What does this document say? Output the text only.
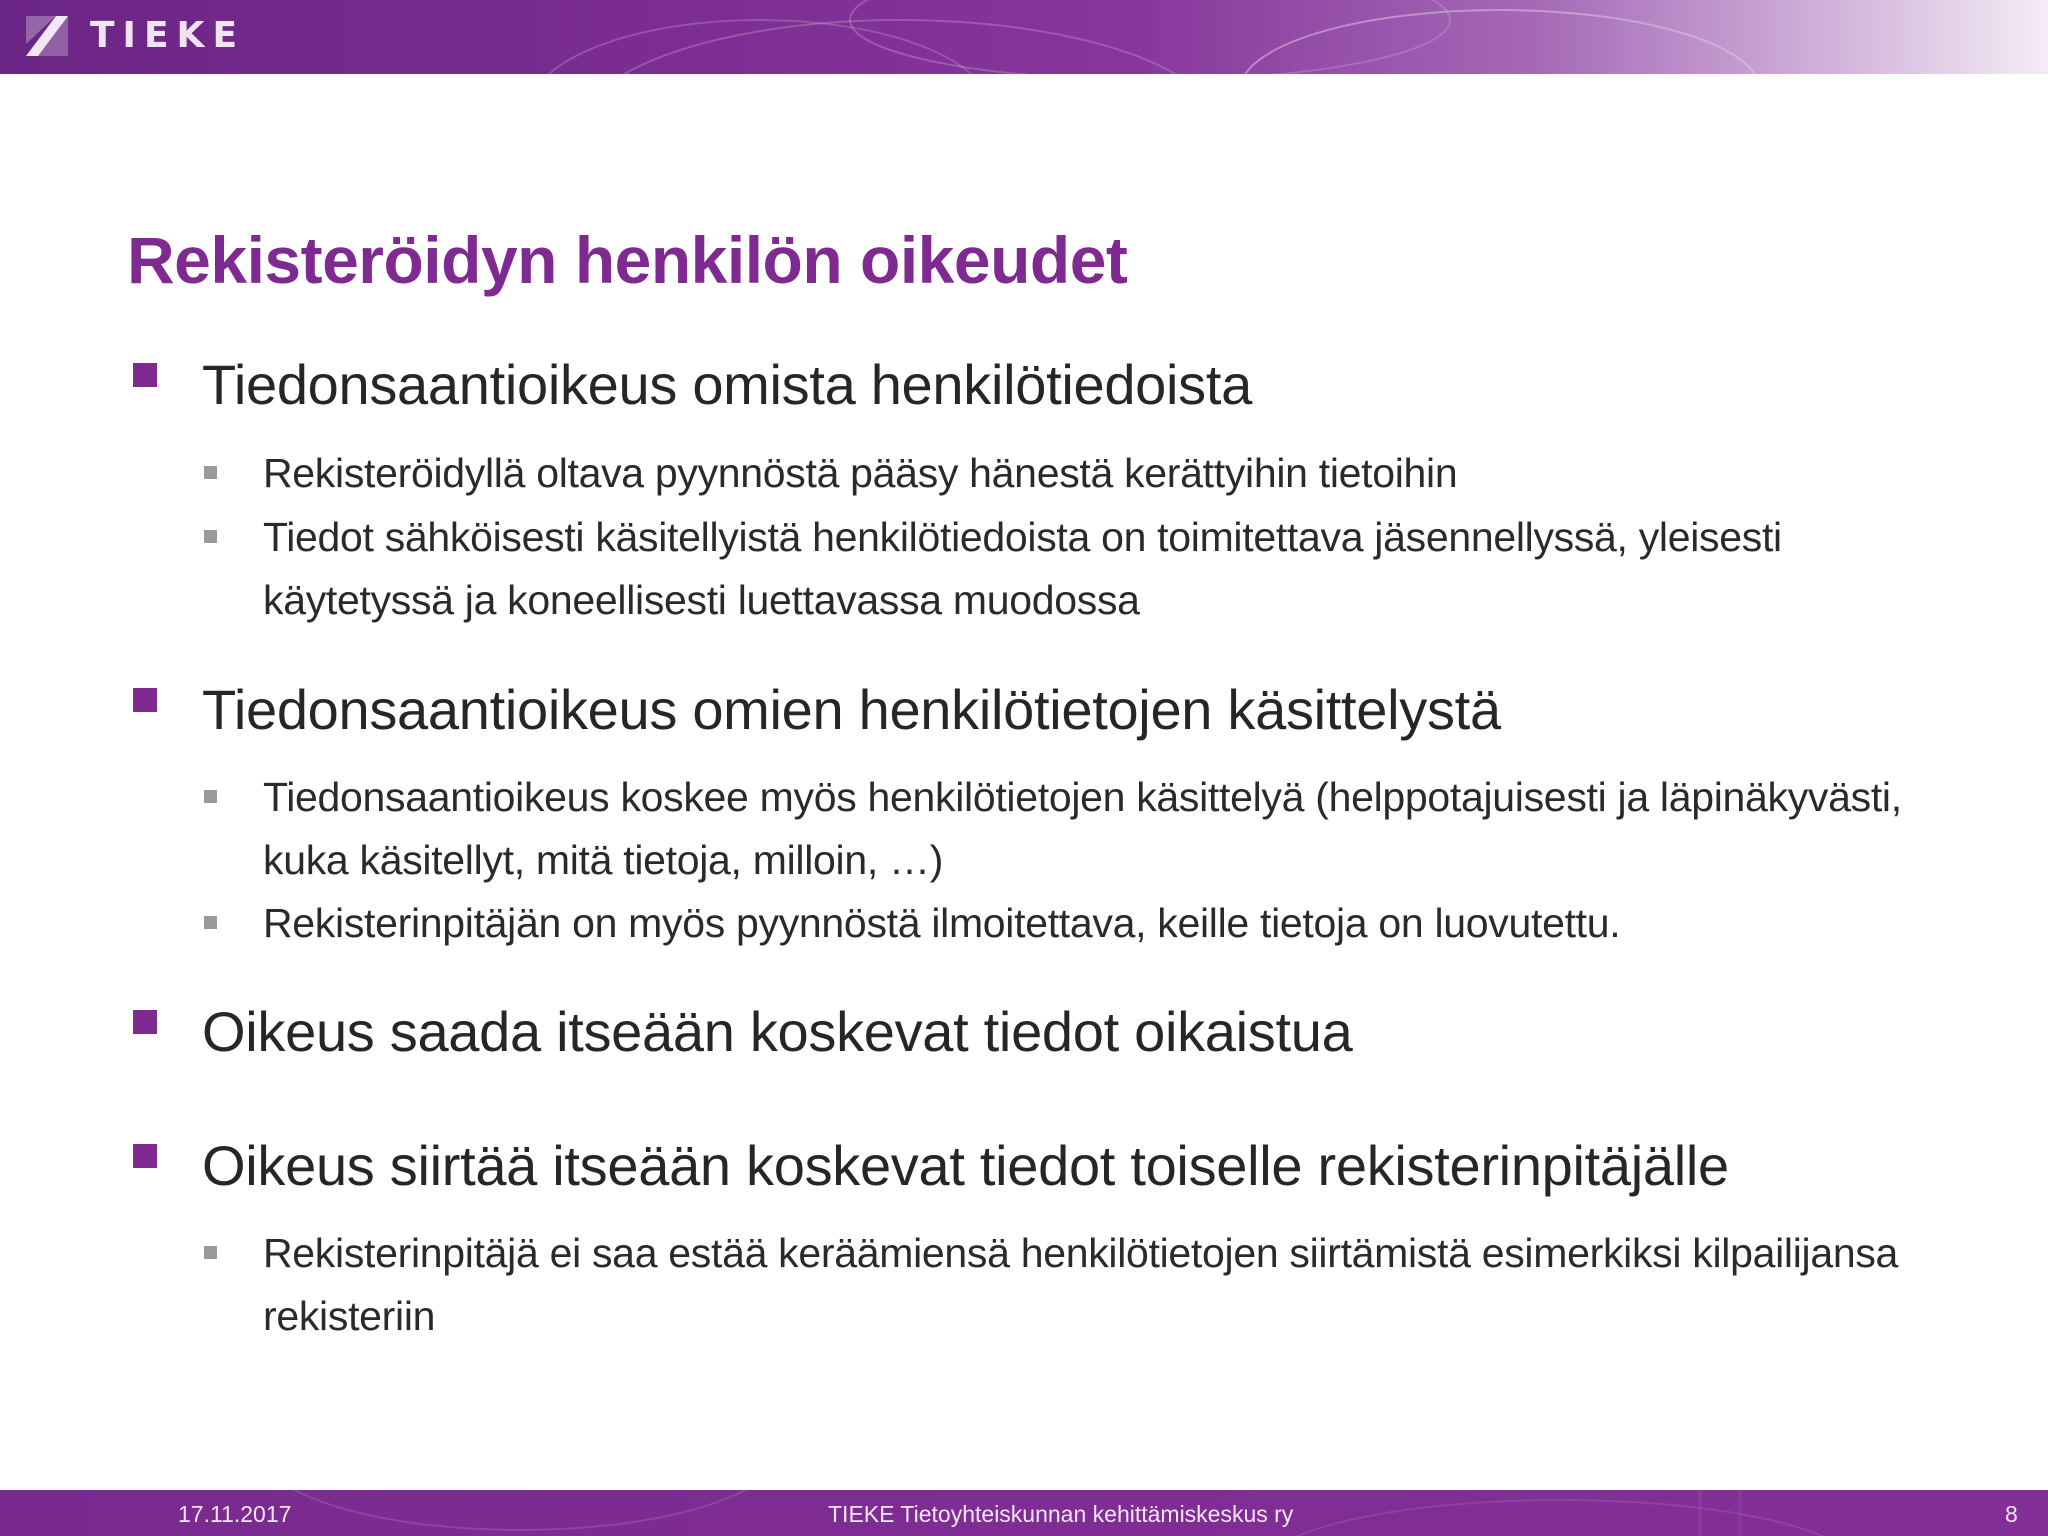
TIEKE
Rekisteröidyn henkilön oikeudet
Tiedonsaantioikeus omista henkilötiedoista
Rekisteröidyllä oltava pyynnöstä pääsy hänestä kerättyihin tietoihin
Tiedot sähköisesti käsitellyistä henkilötiedoista on toimitettava jäsennellyssä, yleisesti käytetyssä ja koneellisesti luettavassa muodossa
Tiedonsaantioikeus omien henkilötietojen käsittelystä
Tiedonsaantioikeus koskee myös henkilötietojen käsittelyä (helppotajuisesti ja läpinäkyvästi, kuka käsitellyt, mitä tietoja, milloin, …)
Rekisterinpitäjän on myös pyynnöstä ilmoitettava, keille tietoja on luovutettu.
Oikeus saada itseään koskevat tiedot oikaistua
Oikeus siirtää itseään koskevat tiedot toiselle rekisterinpitäjälle
Rekisterinpitäjä ei saa estää keräämiensä henkilötietojen siirtämistä esimerkiksi kilpailijansa rekisteriin
17.11.2017	TIEKE Tietoyhteiskunnan kehittämiskeskus ry	8
